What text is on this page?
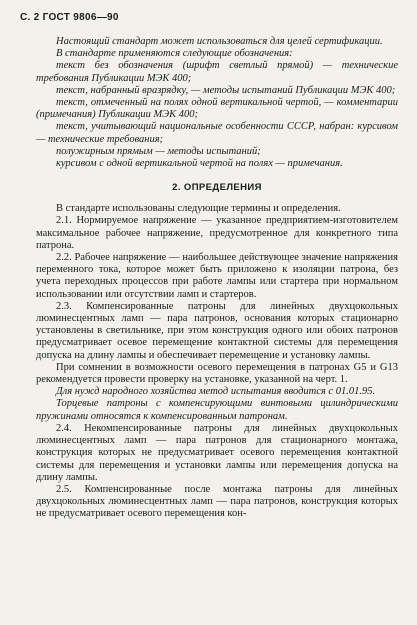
С. 2 ГОСТ 9806—90

Настоящий стандарт может использоваться для целей сертификации.

В стандарте применяются следующие обозначения:

текст без обозначения (шрифт светлый прямой) — технические требования Публикации МЭК 400;

текст, набранный вразрядку, — методы испытаний Публикации МЭК 400;

текст, отмеченный на полях одной вертикальной чертой, — комментарии (примечания) Публикации МЭК 400;

текст, учитывающий национальные особенности СССР, набран: курсивом — технические требования;

полужирным прямым — методы испытаний;

курсивом с одной вертикальной чертой на полях — примечания.

2. ОПРЕДЕЛЕНИЯ

В стандарте использованы следующие термины и определения.

2.1. Нормируемое напряжение — указанное предприятием-изготовителем максимальное рабочее напряжение, предусмотренное для конкретного типа патрона.

2.2. Рабочее напряжение — наибольшее действующее значение напряжения переменного тока, которое может быть приложено к изоляции патрона, без учета переходных процессов при работе лампы или стартера при нормальном использовании или отсутствии ламп и стартеров.

2.3. Компенсированные патроны для линейных двухцокольных люминесцентных ламп — пара патронов, основания которых стационарно установлены в светильнике, при этом конструкция одного или обоих патронов предусматривает осевое перемещение контактной системы для перемещения допуска на длину лампы и обеспечивает перемещение и установку лампы.

При сомнении в возможности осевого перемещения в патронах G5 и G13 рекомендуется провести проверку на установке, указанной на черт. 1.

Для нужд народного хозяйства метод испытания вводится с 01.01.95.

Торцевые патроны с компенсирующими винтовыми цилиндрическими пружинами относятся к компенсированным патронам.

2.4. Некомпенсированные патроны для линейных двухцокольных люминесцентных ламп — пара патронов для стационарного монтажа, конструкция которых не предусматривает осевого перемещения контактной системы для перемещения и установки лампы или перемещения допуска на длину лампы.

2.5. Компенсированные после монтажа патроны для линейных двухцокольных люминесцентных ламп — пара патронов, конструкция которых не предусматривает осевого перемещения кон-
